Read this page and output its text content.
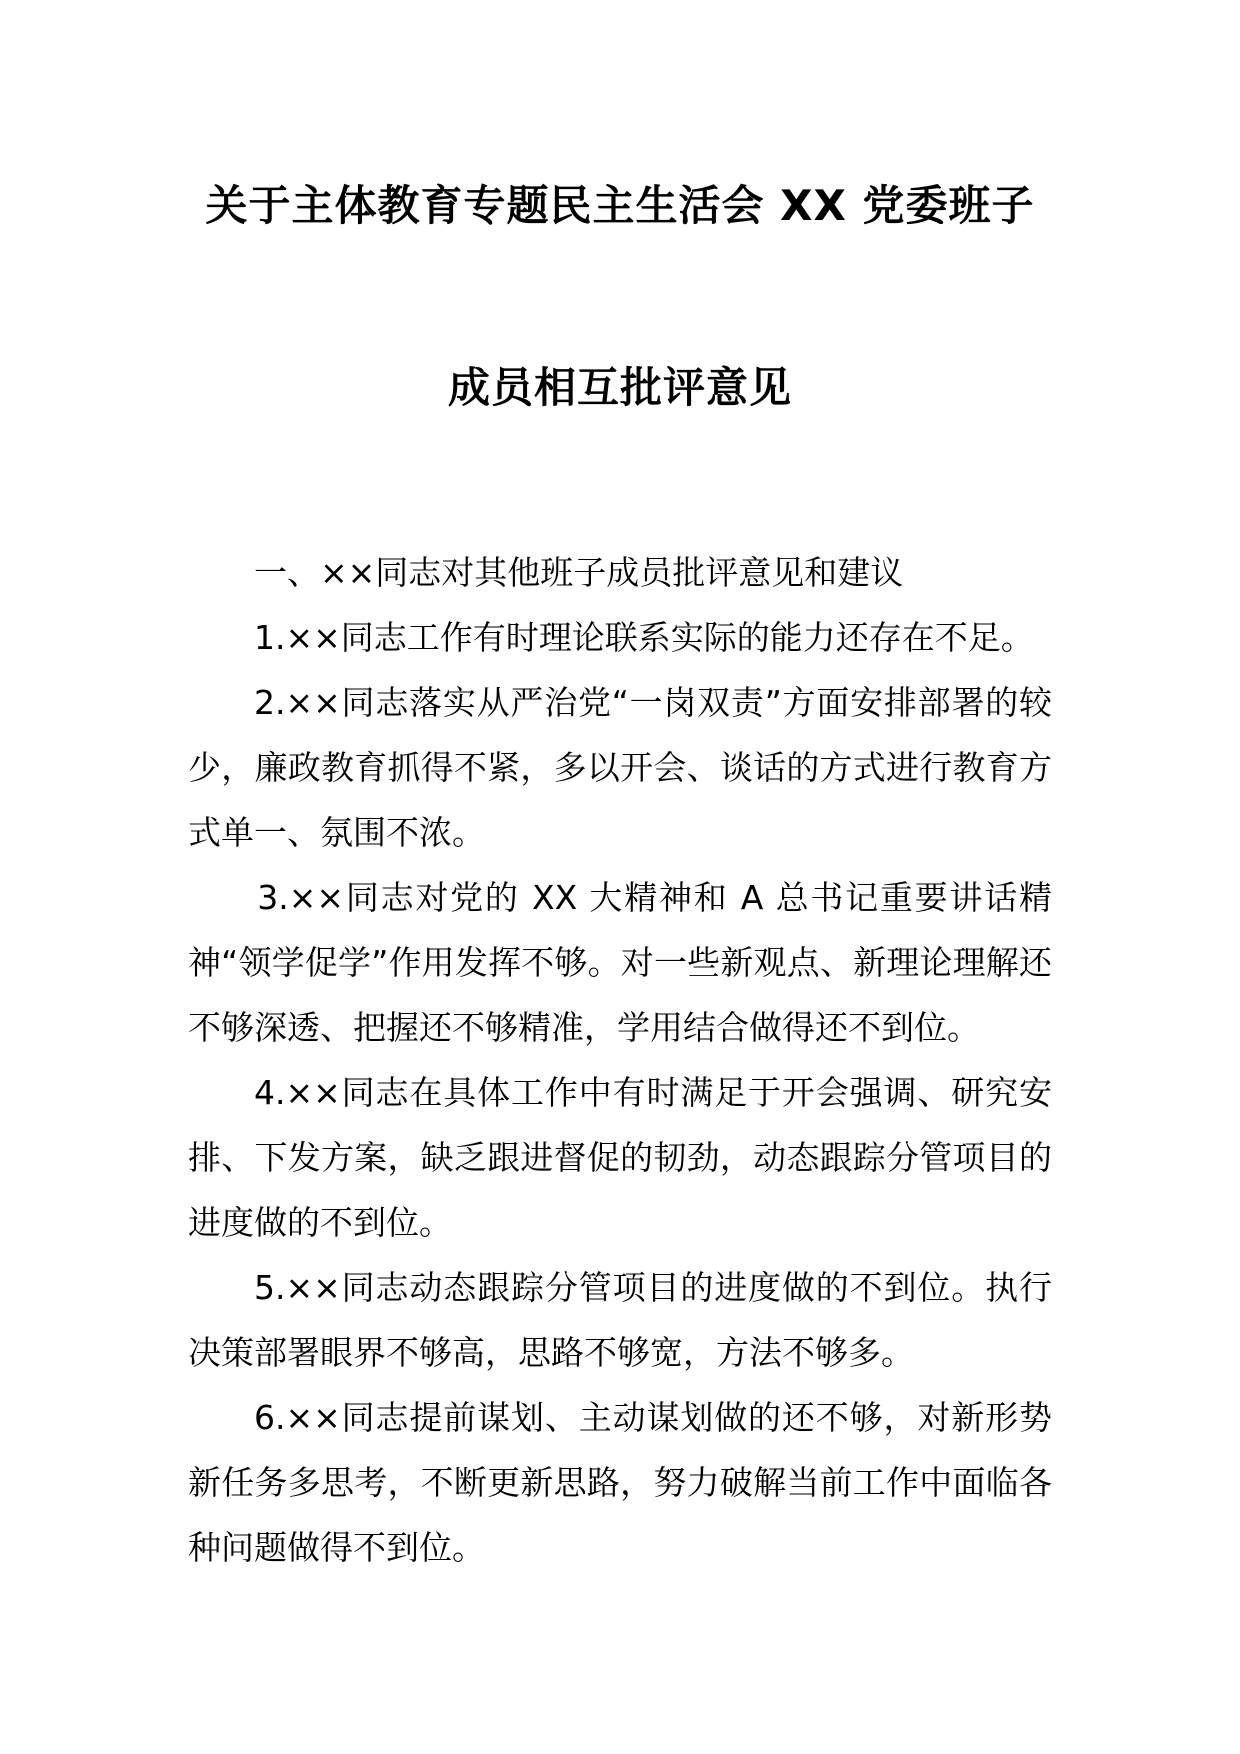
关于主体教育专题民主生活会 XX 党委班子
成员相互批评意见

一、××同志对其他班子成员批评意见和建议

1.××同志工作有时理论联系实际的能力还存在不足。

2.××同志落实从严治党“一岗双责”方面安排部署的较少，廉政教育抓得不紧，多以开会、谈话的方式进行教育方式单一、氛围不浓。

3.××同志对党的 XX 大精神和 A 总书记重要讲话精神“领学促学”作用发挥不够。对一些新观点、新理论理解还不够深透、把握还不够精准，学用结合做得还不到位。

4.××同志在具体工作中有时满足于开会强调、研究安排、下发方案，缺乏跟进督促的韧劲，动态跟踪分管项目的进度做的不到位。

5.××同志动态跟踪分管项目的进度做的不到位。执行决策部署眼界不够高，思路不够宽，方法不够多。

6.××同志提前谋划、主动谋划做的还不够，对新形势新任务多思考，不断更新思路，努力破解当前工作中面临各种问题做得不到位。
